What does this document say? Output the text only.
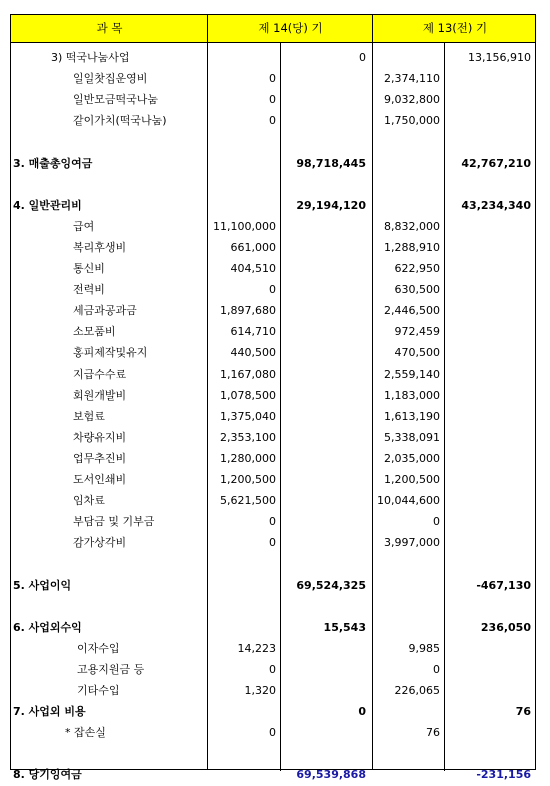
과 목	제 14(당) 기	제 13(전) 기
3) 떡국나눔사업	0	13,156,910
일일찻집운영비	0	2,374,110
일반모금떡국나눔	0	9,032,800
같이가치(떡국나눔)	0	1,750,000
3. 매출총잉여금	98,718,445	42,767,210
4. 일반관리비	29,194,120	43,234,340
급여	11,100,000	8,832,000
복리후생비	661,000	1,288,910
통신비	404,510	622,950
전력비	0	630,500
세금과공과금	1,897,680	2,446,500
소모품비	614,710	972,459
홍피제작및유지	440,500	470,500
지급수수료	1,167,080	2,559,140
회원개발비	1,078,500	1,183,000
보험료	1,375,040	1,613,190
차량유지비	2,353,100	5,338,091
업무추진비	1,280,000	2,035,000
도서인쇄비	1,200,500	1,200,500
임차료	5,621,500	10,044,600
부담금 및 기부금	0	0
감가상각비	0	3,997,000
5. 사업이익	69,524,325	-467,130
6. 사업외수익	15,543	236,050
이자수입	14,223	9,985
고용지원금 등	0	0
기타수입	1,320	226,065
7. 사업외 비용	0	76
* 잡손실	0	76
8. 당기잉여금	69,539,868	-231,156
